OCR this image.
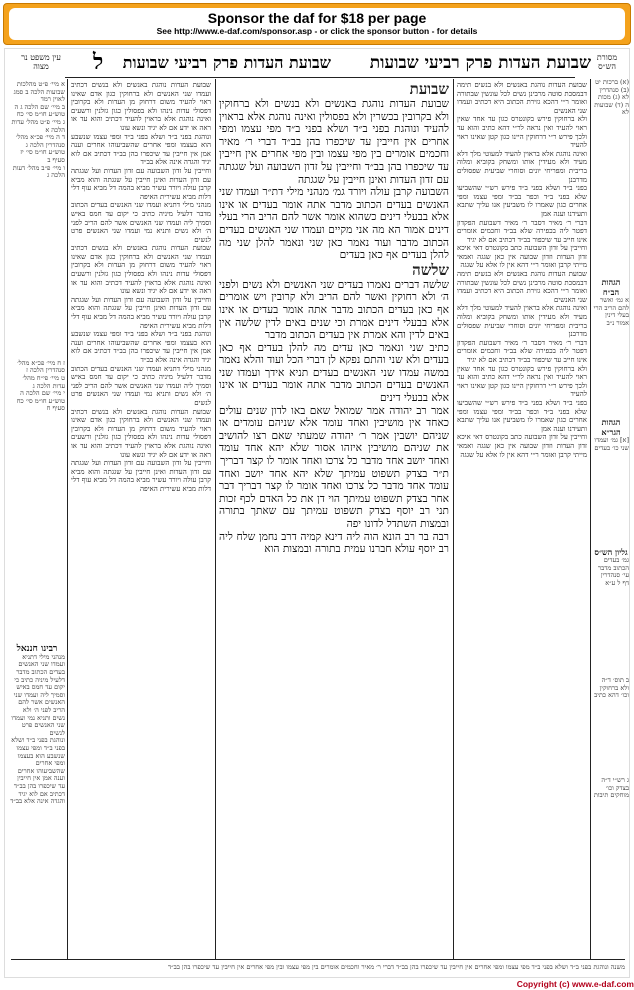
Sponsor the daf for $18 per page
See http://www.e-daf.com/sponsor.asp - or click the sponsor button - for details
שבועת העדות פרק רביעי שבועות
שבועת העדות פרק רביעי שבועות
ל
עין משפט נר מצוה
מסורת הש״ס
(א) ברכות יט (ב) סנהדרין לא (ג) מכות ה (ד) שבועות לא
הגהות הב״ח
א גמ׳ ואשר להם הריב הרי בעלי דינין אמור נ״ב
הגהות הגר״א
[א] גמ׳ ועמדו שני כו׳ בעדים
גליון הש״ס
גמ׳ בעדים הכתוב מדבר עי׳ סנהדרין דף ל ע״א
ב תוס׳ ד״ה ולא ברחוקין וכו׳ דהא כתיב
ג רש״י ד״ה בצדק וכו׳ מוחקים תיבות

שבועת העדות נוהגת באנשים ולא בנשים תימה דבמסכת סוטה מרבינן נשים לכל עונשין שבתורה ואומר ר״י דהכא גזירת הכתוב היא דכתיב ועמדו שני האנשים

ולא ברחוקין פירש בקונטרס כגון עד אחד שאין ראוי להעיד ואין נראה לר״י דהא כתיב והוא עד ולכך פירש ר״י דרחוקין היינו כגון קטן שאינו ראוי להעיד

ואינה נוהגת אלא בראוין להעיד למעוטי מלך דלא מעיד ולא מעידין אותו ומשחק בקוביא ומלוה בריבית ומפריחי יונים וסוחרי שביעית שפסולים מדרבנן

בפני ב״ד ושלא בפני ב״ד פירש רש״י שהשביעו שלא בפני ב״ד וכפר בב״ד ומפי עצמו ומפי אחרים כגון שאמרו לו משביעין אנו עליך שתבא ותעידנו וענה אמן

דברי ר׳ מאיר דסבר ר׳ מאיר דשבועת הפקדון דפטר ליה בכפירה שלא בב״ד וחכמים אומרים אינו חייב עד שיכפור בב״ד דכתיב אם לא יגיד

וחייבין על זדון השבועה כתב בקונטרס דאי איכא זדון העדות וזדון שבועה אין כאן שגגה ואמאי מייתי קרבן ואומר ר״י דהא אין לו אלא על שגגה

שבועת העדות נוהגת באנשים ולא בנשים תימה דבמסכת סוטה מרבינן נשים לכל עונשין שבתורה ואומר ר״י דהכא גזירת הכתוב היא דכתיב ועמדו שני האנשים

ואינה נוהגת אלא בראוין להעיד למעוטי מלך דלא מעיד ולא מעידין אותו ומשחק בקוביא ומלוה בריבית ומפריחי יונים וסוחרי שביעית שפסולים מדרבנן

דברי ר׳ מאיר דסבר ר׳ מאיר דשבועת הפקדון דפטר ליה בכפירה שלא בב״ד וחכמים אומרים אינו חייב עד שיכפור בב״ד דכתיב אם לא יגיד

ולא ברחוקין פירש בקונטרס כגון עד אחד שאין ראוי להעיד ואין נראה לר״י דהא כתיב והוא עד ולכך פירש ר״י דרחוקין היינו כגון קטן שאינו ראוי להעיד

בפני ב״ד ושלא בפני ב״ד פירש רש״י שהשביעו שלא בפני ב״ד וכפר בב״ד ומפי עצמו ומפי אחרים כגון שאמרו לו משביעין אנו עליך שתבא ותעידנו וענה אמן

וחייבין על זדון השבועה כתב בקונטרס דאי איכא זדון העדות וזדון שבועה אין כאן שגגה ואמאי מייתי קרבן ואומר ר״י דהא אין לו אלא על שגגה

שבועת

שבועת העדות נוהגת באנשים ולא בנשים ולא ברחוקין ולא בקרובין בכשרין ולא בפסולין ואינה נוהגת אלא בראוין להעיד ונוהגת בפני ב״ד ושלא בפני ב״ד מפי עצמו ומפי אחרים אין חייבין עד שיכפרו בהן בב״ד דברי ר׳ מאיר וחכמים אומרים בין מפי עצמו ובין מפי אחרים אין חייבין עד שיכפרו בהן בב״ד וחייבין על זדון השבועה ועל שגגתה עם זדון העדות ואינן חייבין על שגגתה

השבועה קרבן עולה ויורד גמ׳ מנהני מילי דת״ר ועמדו שני האנשים בעדים הכתוב מדבר אתה אומר בעדים או אינו אלא בבעלי דינים כשהוא אומר אשר להם הריב הרי בעלי דינים אמור הא מה אני מקיים ועמדו שני האנשים בעדים הכתוב מדבר ועוד נאמר כאן שני ונאמר להלן שני מה להלן בעדים אף כאן בעדים

שלשה

שלשה דברים נאמרו בעדים שני האנשים ולא נשים ולפני ה׳ ולא רחוקין ואשר להם הריב ולא קרובין ויש אומרים אף כאן בעדים הכתוב מדבר אתה אומר בעדים או אינו אלא בבעלי דינים אמרת וכי שנים באים לדין שלשה אין באים לדין והא אמרת אין בעדים הכתוב מדבר

כתיב שני ונאמר כאן עדים מה להלן בעדים אף כאן בעדים ולא שני והתם נפקא לן דברי הכל ועוד והלא נאמר במשה עמדו שני האנשים בעדים תניא אידך ועמדו שני האנשים בעדים הכתוב מדבר אתה אומר בעדים או אינו אלא בבעלי דינים

אמר רב יהודה אמר שמואל שאם באו לדון שנים עולים כאחד אין מושיבין ואחד עומד אלא שניהם עומדים או שניהם יושבין אמר ר׳ יהודה שמעתי שאם רצו להושיב את שניהם מושיבין איזהו אסור שלא יהא אחד עומד ואחד יושב אחד מדבר כל צרכו ואחד אומר לו קצר דבריך

ת״ר בצדק תשפוט עמיתך שלא יהא אחד יושב ואחד עומד אחד מדבר כל צרכו ואחד אומר לו קצר דבריך דבר אחר בצדק תשפוט עמיתך הוי דן את כל האדם לכף זכות תני רב יוסף בצדק תשפוט עמיתך עם שאתך בתורה ובמצות השתדל לדונו יפה

רבה בר רב הונא הוה ליה דינא קמיה דרב נחמן שלח ליה רב יוסף עולא חברנו עמית בתורה ובמצות הוא

שבועת העדות נוהגת באנשים ולא בנשים דכתיב ועמדו שני האנשים ולא ברחוקין כגון אדם שאינו ראוי להעיד משום דרחוק מן העדות ולא בקרובין דפסולי עדות נינהו ולא בפסולין כגון גזלנין ורשעים ואינה נוהגת אלא בראוין להעיד דכתיב והוא עד או ראה או ידע אם לא יגיד ונשא עונו

ונוהגת בפני ב״ד ושלא בפני ב״ד ומפי עצמו שנשבע הוא בעצמו ומפי אחרים שהשביעוהו אחרים וענה אמן אין חייבין עד שיכפרו בהן בב״ד דכתיב אם לוא יגיד והגדה אינה אלא בב״ד

וחייבין על זדון השבועה עם זדון העדות ועל שגגתה עם זדון העדות ואינן חייבין על שגגתה והוא מביא קרבן עולה ויורד עשיר מביא בהמה דל מביא עוף דלי דלות מביא עשירית האיפה

מנהני מילי דתניא ועמדו שני האנשים בעדים הכתוב מדבר דלעיל מיניה כתיב כי יקום עד חמס באיש וסמיך ליה ועמדו שני האנשים אשר להם הריב לפני ה׳ ולא נשים ותניא נמי ועמדו שני האנשים פרט לנשים

שבועת העדות נוהגת באנשים ולא בנשים דכתיב ועמדו שני האנשים ולא ברחוקין כגון אדם שאינו ראוי להעיד משום דרחוק מן העדות ולא בקרובין דפסולי עדות נינהו ולא בפסולין כגון גזלנין ורשעים ואינה נוהגת אלא בראוין להעיד דכתיב והוא עד או ראה או ידע אם לא יגיד ונשא עונו

וחייבין על זדון השבועה עם זדון העדות ועל שגגתה עם זדון העדות ואינן חייבין על שגגתה והוא מביא קרבן עולה ויורד עשיר מביא בהמה דל מביא עוף דלי דלות מביא עשירית האיפה

ונוהגת בפני ב״ד ושלא בפני ב״ד ומפי עצמו שנשבע הוא בעצמו ומפי אחרים שהשביעוהו אחרים וענה אמן אין חייבין עד שיכפרו בהן בב״ד דכתיב אם לוא יגיד והגדה אינה אלא בב״ד

מנהני מילי דתניא ועמדו שני האנשים בעדים הכתוב מדבר דלעיל מיניה כתיב כי יקום עד חמס באיש וסמיך ליה ועמדו שני האנשים אשר להם הריב לפני ה׳ ולא נשים ותניא נמי ועמדו שני האנשים פרט לנשים

שבועת העדות נוהגת באנשים ולא בנשים דכתיב ועמדו שני האנשים ולא ברחוקין כגון אדם שאינו ראוי להעיד משום דרחוק מן העדות ולא בקרובין דפסולי עדות נינהו ולא בפסולין כגון גזלנין ורשעים ואינה נוהגת אלא בראוין להעיד דכתיב והוא עד או ראה או ידע אם לא יגיד ונשא עונו

וחייבין על זדון השבועה עם זדון העדות ועל שגגתה עם זדון העדות ואינן חייבין על שגגתה והוא מביא קרבן עולה ויורד עשיר מביא בהמה דל מביא עוף דלי דלות מביא עשירית האיפה

א מיי׳ פ״ט מהלכות שבועות הלכה ב סמג לאוין רמד
ב מיי׳ שם הלכה ג ה טוש״ע חו״מ סי׳ כח
ג מיי׳ פ״ט מהל׳ עדות הלכה א
ד ה מיי׳ פכ״א מהל׳ סנהדרין הלכה ג טוש״ע חו״מ סי׳ יז סעיף ב
ו מיי׳ פ״ב מהל׳ דעות הלכה ג
ז ח מיי׳ פכ״א מהל׳ סנהדרין הלכה ז
ט מיי׳ פי״ח מהל׳ עדות הלכה ג
י מיי׳ שם הלכה ה טוש״ע חו״מ סי׳ כח סעיף ח
רבינו חננאל
מנהני מילי דתניא ועמדו שני האנשים בעדים הכתוב מדבר דלעיל מיניה כתיב כי יקום עד חמס באיש וסמיך ליה ועמדו שני האנשים אשר להם הריב לפני ה׳ ולא נשים ותניא נמי ועמדו שני האנשים פרט לנשים
ונוהגת בפני ב״ד ושלא בפני ב״ד ומפי עצמו שנשבע הוא בעצמו ומפי אחרים שהשביעוהו אחרים וענה אמן אין חייבין עד שיכפרו בהן בב״ד דכתיב אם לוא יגיד והגדה אינה אלא בב״ד
משנה ונוהגת בפני ב״ד ושלא בפני ב״ד מפי עצמו ומפי אחרים אין חייבין עד שיכפרו בהן בב״ד דברי ר׳ מאיר וחכמים אומרים בין מפי עצמו ובין מפי אחרים אין חייבין עד שיכפרו בהן בב״ד
Copyright (c) www.e-daf.com
